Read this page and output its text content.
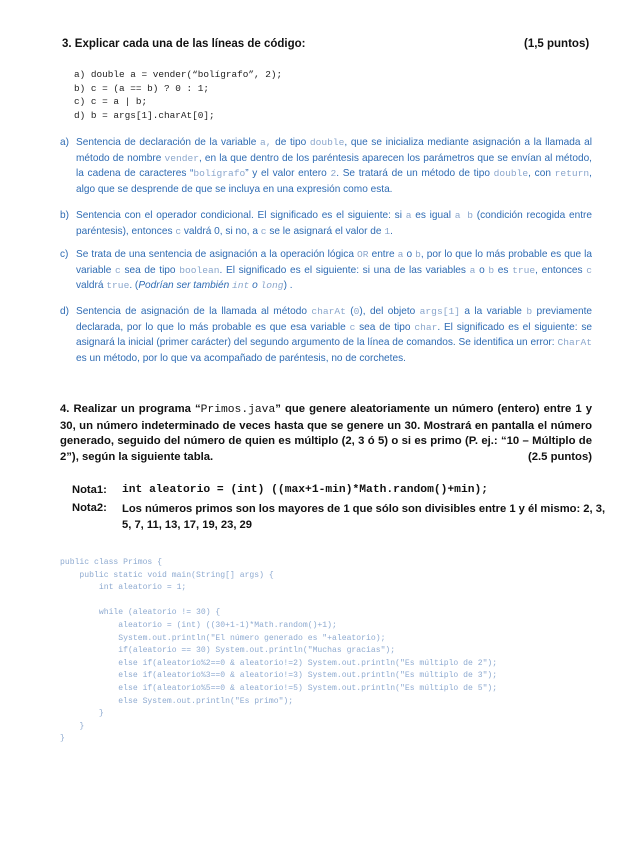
3. Explicar cada una de las líneas de código:	(1,5 puntos)
a) double a = vender(“bolígrafo”, 2);
b) c = (a == b) ? 0 : 1;
c) c = a | b;
d) b = args[1].charAt[0];
a) Sentencia de declaración de la variable a, de tipo double, que se inicializa mediante asignación a la llamada al método de nombre vender, en la que dentro de los paréntesis aparecen los parámetros que se envían al método, la cadena de caracteres “bolígrafo” y el valor entero 2. Se tratará de un método de tipo double, con return, algo que se desprende de que se incluya en una expresión como esta.
b) Sentencia con el operador condicional. El significado es el siguiente: si a es igual a b (condición recogida entre paréntesis), entonces c valdrá 0, si no, a c se le asignará el valor de 1.
c) Se trata de una sentencia de asignación a la operación lógica OR entre a o b, por lo que lo más probable es que la variable c sea de tipo boolean. El significado es el siguiente: si una de las variables a o b es true, entonces c valdrá true. (Podrían ser también int o long) .
d) Sentencia de asignación de la llamada al método charAt (0), del objeto args[1] a la variable b previamente declarada, por lo que lo más probable es que esa variable c sea de tipo char. El significado es el siguiente: se asignará la inicial (primer carácter) del segundo argumento de la línea de comandos. Se identifica un error: CharAt es un método, por lo que va acompañado de paréntesis, no de corchetes.
4. Realizar un programa “Primos.java” que genere aleatoriamente un número (entero) entre 1 y 30, un número indeterminado de veces hasta que se genere un 30. Mostrará en pantalla el número generado, seguido del número de quien es múltiplo (2, 3 ó 5) o si es primo (P. ej.: “10 – Múltiplo de 2”), según la siguiente tabla.	(2.5 puntos)
Nota1: int aleatorio = (int) ((max+1-min)*Math.random()+min);
Nota2: Los números primos son los mayores de 1 que sólo son divisibles entre 1 y él mismo: 2, 3,
5, 7, 11, 13, 17, 19, 23, 29
public class Primos {
public static void main(String[] args) {
int aleatorio = 1;
while (aleatorio != 30) {
aleatorio = (int) ((30+1-1)*Math.random()+1);
System.out.println("El número generado es "+aleatorio);
if(aleatorio == 30) System.out.println("Muchas gracias");
else if(aleatorio%2==0 & aleatorio!=2) System.out.println("Es múltiplo de 2");
else if(aleatorio%3==0 & aleatorio!=3) System.out.println("Es múltiplo de 3");
else if(aleatorio%5==0 & aleatorio!=5) System.out.println("Es múltiplo de 5");
else System.out.println("Es primo");
}
}
}
